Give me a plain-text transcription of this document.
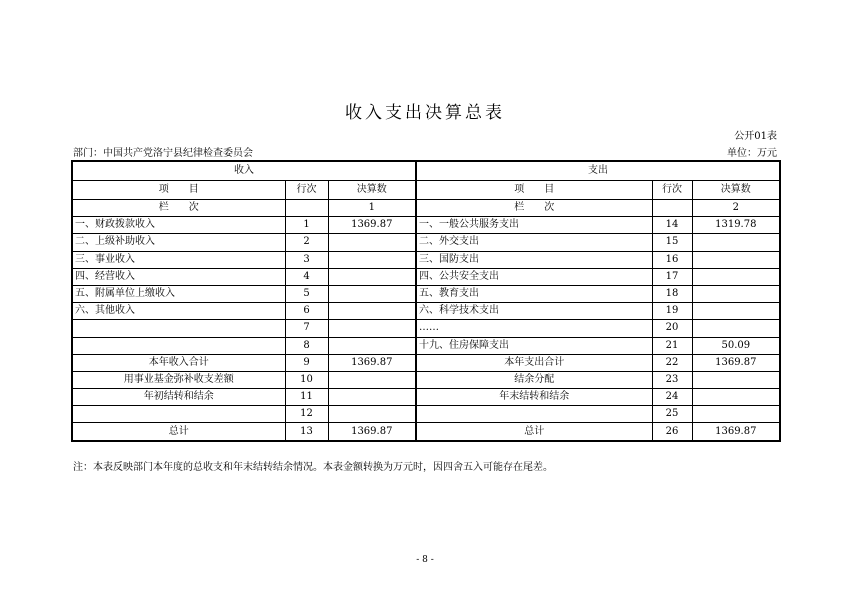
收入支出决算总表
公开01表
部门：中国共产党洛宁县纪律检查委员会	单位：万元
收入			支出		
项　　目	行次	决算数	项　　目	行次	决算数
栏　　次		1	栏　　次		2
一、财政拨款收入	1	1369.87	一、一般公共服务支出	14	1319.78
二、上级补助收入	2		二、外交支出	15	
三、事业收入	3		三、国防支出	16	
四、经营收入	4		四、公共安全支出	17	
五、附属单位上缴收入	5		五、教育支出	18	
六、其他收入	6		六、科学技术支出	19	
	7		……	20	
	8		十九、住房保障支出	21	50.09
本年收入合计	9	1369.87	本年支出合计	22	1369.87
用事业基金弥补收支差额	10		结余分配	23	
年初结转和结余	11		年末结转和结余	24	
	12			25	
总计	13	1369.87	总计	26	1369.87
注：本表反映部门本年度的总收支和年末结转结余情况。本表金额转换为万元时，因四舍五入可能存在尾差。
- 8 -
